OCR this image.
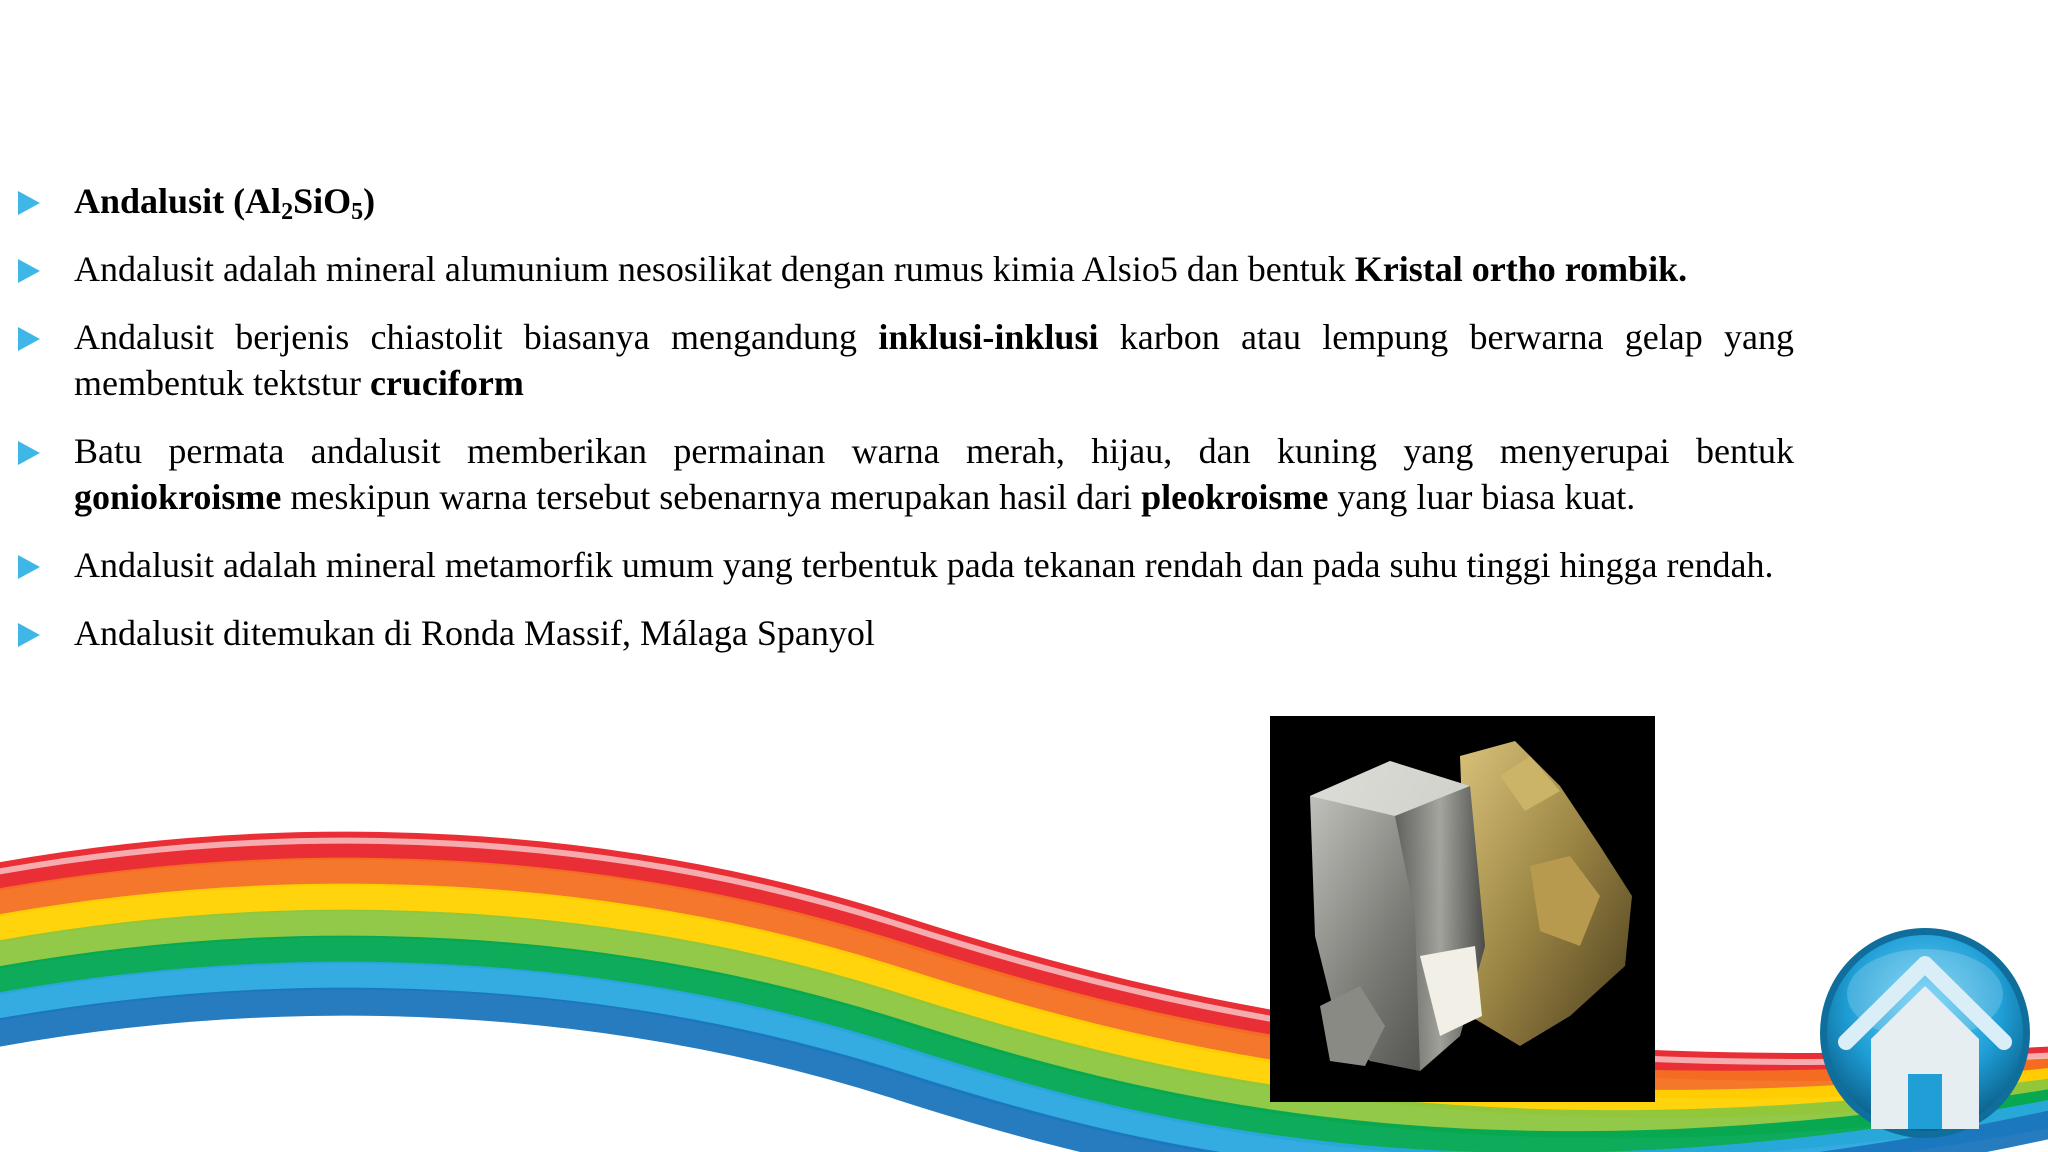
Andalusit $(Al_2SiO_5)$
Andalusit adalah mineral alumunium nesosilikat dengan rumus kimia Alsio5 dan bentuk Kristal ortho rombik.
Andalusit berjenis chiastolit biasanya mengandung inklusi-inklusi karbon atau lempung berwarna gelap yang membentuk tektstur cruciform
Batu permata andalusit memberikan permainan warna merah, hijau, dan kuning yang menyerupai bentuk goniokroisme meskipun warna tersebut sebenarnya merupakan hasil dari pleokroisme yang luar biasa kuat.
Andalusit adalah mineral metamorfik umum yang terbentuk pada tekanan rendah dan pada suhu tinggi hingga rendah.
Andalusit ditemukan di Ronda Massif, Málaga Spanyol
